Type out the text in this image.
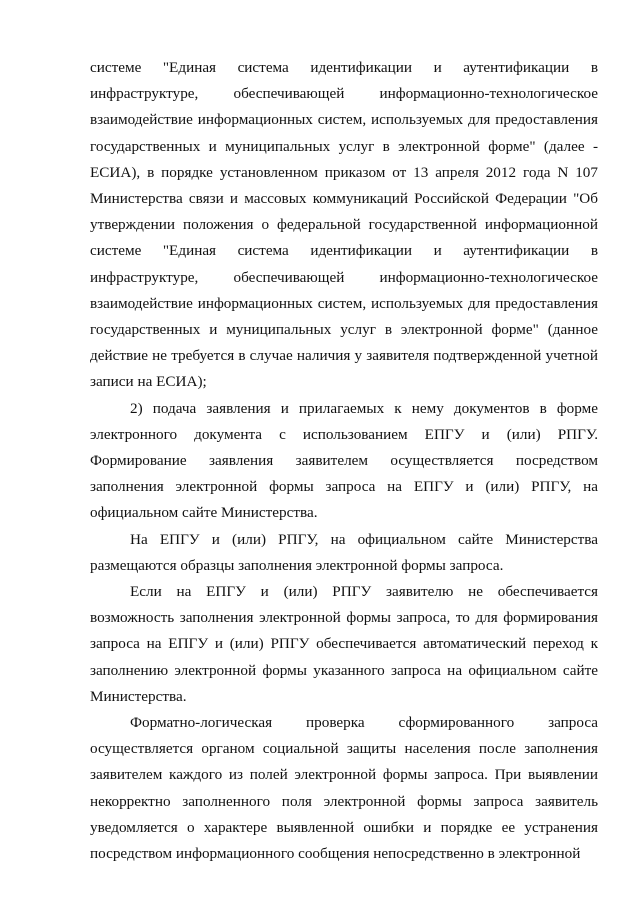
системе "Единая система идентификации и аутентификации в инфраструктуре, обеспечивающей информационно-технологическое взаимодействие информационных систем, используемых для предоставления государственных и муниципальных услуг в электронной форме" (далее - ЕСИА), в порядке установленном приказом от 13 апреля 2012 года N 107 Министерства связи и массовых коммуникаций Российской Федерации "Об утверждении положения о федеральной государственной информационной системе "Единая система идентификации и аутентификации в инфраструктуре, обеспечивающей информационно-технологическое взаимодействие информационных систем, используемых для предоставления государственных и муниципальных услуг в электронной форме" (данное действие не требуется в случае наличия у заявителя подтвержденной учетной записи на ЕСИА);

2) подача заявления и прилагаемых к нему документов в форме электронного документа с использованием ЕПГУ и (или) РПГУ. Формирование заявления заявителем осуществляется посредством заполнения электронной формы запроса на ЕПГУ и (или) РПГУ, на официальном сайте Министерства.

На ЕПГУ и (или) РПГУ, на официальном сайте Министерства размещаются образцы заполнения электронной формы запроса.

Если на ЕПГУ и (или) РПГУ заявителю не обеспечивается возможность заполнения электронной формы запроса, то для формирования запроса на ЕПГУ и (или) РПГУ обеспечивается автоматический переход к заполнению электронной формы указанного запроса на официальном сайте Министерства.

Форматно-логическая проверка сформированного запроса осуществляется органом социальной защиты населения после заполнения заявителем каждого из полей электронной формы запроса. При выявлении некорректно заполненного поля электронной формы запроса заявитель уведомляется о характере выявленной ошибки и порядке ее устранения посредством информационного сообщения непосредственно в электронной
